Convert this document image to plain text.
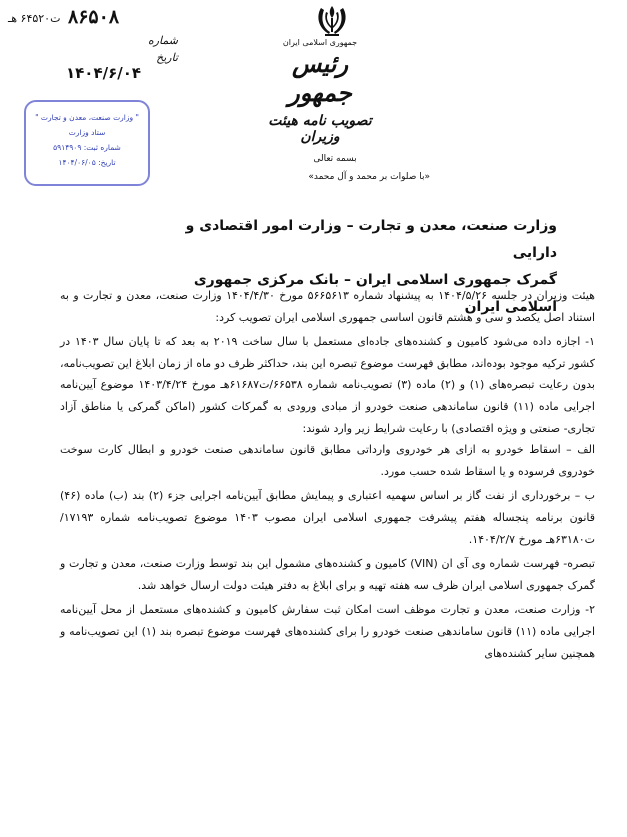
۸۶۵۰۸
ت۶۴۵۲۰ هـ
شماره
تاریخ
۱۴۰۴/۶/۰۴
جمهوری اسلامی ایران
رئیس جمهور
تصویب نامه هیئت وزیران
" وزارت صنعت، معدن و تجارت "
ستاد وزارت
شماره ثبت: ۵۹۱۴۹۰۹
تاریخ: ۱۴۰۴/۰۶/۰۵	بسمه تعالی
«با صلوات بر محمد و آل محمد»
وزارت صنعت، معدن و تجارت – وزارت امور اقتصادی و دارایی
گمرک جمهوری اسلامی ایران – بانک مرکزی جمهوری اسلامی ایران

هیئت وزیران در جلسه ۱۴۰۴/۵/۲۶ به پیشنهاد شماره ۵۶۶۵۶۱۳ مورخ ۱۴۰۴/۴/۳۰ وزارت صنعت، معدن و تجارت و به استناد اصل یکصد و سی و هشتم قانون اساسی جمهوری اسلامی ایران تصویب کرد:

۱- اجازه داده می‌شود کامیون و کشنده‌های جاده‌ای مستعمل با سال ساخت ۲۰۱۹ به بعد که تا پایان سال ۱۴۰۳ در کشور ترکیه موجود بوده‌اند، مطابق فهرست موضوع تبصره این بند، حداکثر ظرف دو ماه از زمان ابلاغ این تصویب‌نامه، بدون رعایت تبصره‌های (۱) و (۲) ماده (۳) تصویب‌نامه شماره ۶۶۵۳۸/ت۶۱۶۸۷هـ مورخ ۱۴۰۳/۴/۲۴ موضوع آیین‌نامه اجرایی ماده (۱۱) قانون ساماندهی صنعت خودرو از مبادی ورودی به گمرکات کشور (اماکن گمرکی یا مناطق آزاد تجاری- صنعتی و ویژه اقتصادی) با رعایت شرایط زیر وارد شوند:

الف – اسقاط خودرو به ازای هر خودروی وارداتی مطابق قانون ساماندهی صنعت خودرو و ابطال کارت سوخت خودروی فرسوده و یا اسقاط شده حسب مورد.

ب – برخورداری از نفت گاز بر اساس سهمیه اعتباری و پیمایش مطابق آیین‌نامه اجرایی جزء (۲) بند (ب) ماده (۴۶) قانون برنامه پنجساله هفتم پیشرفت جمهوری اسلامی ایران مصوب ۱۴۰۳ موضوع تصویب‌نامه شماره ۱۷۱۹۳/ت۶۳۱۸۰هـ مورخ ۱۴۰۴/۲/۷.

تبصره- فهرست شماره وی آی ان (VIN) کامیون و کشنده‌های مشمول این بند توسط وزارت صنعت، معدن و تجارت و گمرک جمهوری اسلامی ایران ظرف سه هفته تهیه و برای ابلاغ به دفتر هیئت دولت ارسال خواهد شد.

۲- وزارت صنعت، معدن و تجارت موظف است امکان ثبت سفارش کامیون و کشنده‌های مستعمل از محل آیین‌نامه اجرایی ماده (۱۱) قانون ساماندهی صنعت خودرو را برای کشنده‌های فهرست موضوع تبصره بند (۱) این تصویب‌نامه و همچنین سایر کشنده‌های
